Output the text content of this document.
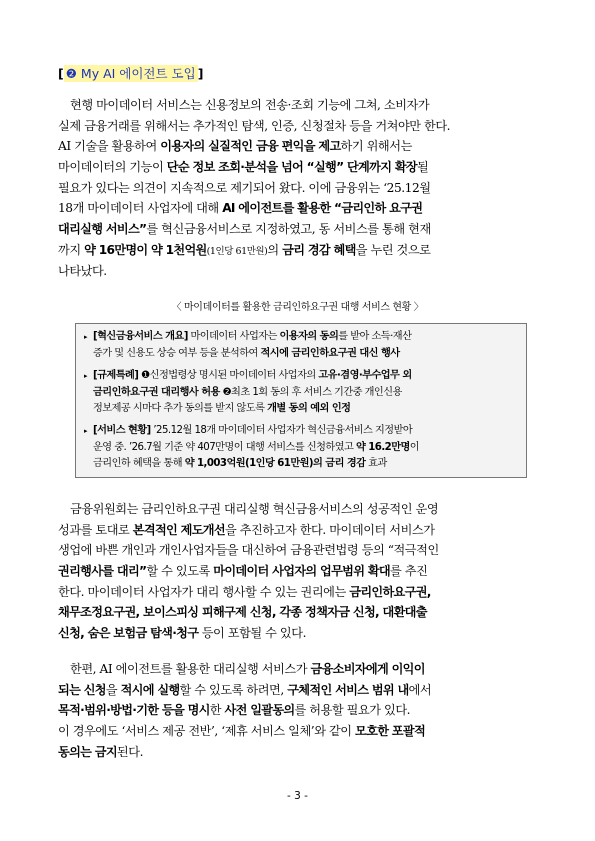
[ ❷ My AI 에이전트 도입 ]
현행 마이데이터 서비스는 신용정보의 전송·조회 기능에 그쳐, 소비자가
실제 금융거래를 위해서는 추가적인 탐색, 인증, 신청절차 등을 거쳐야만 한다.
AI 기술을 활용하여 이용자의 실질적인 금융 편익을 제고하기 위해서는
마이데이터의 기능이 단순 정보 조회·분석을 넘어 “실행” 단계까지 확장될
필요가 있다는 의견이 지속적으로 제기되어 왔다. 이에 금융위는 ‘25.12월
18개 마이데이터 사업자에 대해 AI 에이전트를 활용한 “금리인하 요구권
대리실행 서비스”를 혁신금융서비스로 지정하였고, 동 서비스를 통해 현재
까지 약 16만명이 약 1천억원(1인당 61만원)의 금리 경감 혜택을 누린 것으로
나타났다.
〈 마이데이터를 활용한 금리인하요구권 대행 서비스 현황 〉
▸ [혁신금융서비스 개요] 마이데이터 사업자는 이용자의 동의를 받아 소득·재산
증가 및 신용도 상승 여부 등을 분석하여 적시에 금리인하요구권 대신 행사
▸ [규제특례] ❶신정법령상 명시된 마이데이터 사업자의 고유·겸영·부수업무 외
금리인하요구권 대리행사 허용 ❷최초 1회 동의 후 서비스 기간중 개인신용
정보제공 시마다 추가 동의를 받지 않도록 개별 동의 예외 인정
▸ [서비스 현황] ’25.12월 18개 마이데이터 사업자가 혁신금융서비스 지정받아
운영 중. ’26.7월 기준 약 407만명이 대행 서비스를 신청하였고 약 16.2만명이
금리인하 혜택을 통해 약 1,003억원(1인당 61만원)의 금리 경감 효과
금융위원회는 금리인하요구권 대리실행 혁신금융서비스의 성공적인 운영
성과를 토대로 본격적인 제도개선을 추진하고자 한다. 마이데이터 서비스가
생업에 바쁜 개인과 개인사업자들을 대신하여 금융관련법령 등의 “적극적인
권리행사를 대리”할 수 있도록 마이데이터 사업자의 업무범위 확대를 추진
한다. 마이데이터 사업자가 대리 행사할 수 있는 권리에는 금리인하요구권,
채무조정요구권, 보이스피싱 피해구제 신청, 각종 정책자금 신청, 대환대출
신청, 숨은 보험금 탐색·청구 등이 포함될 수 있다.
한편, AI 에이전트를 활용한 대리실행 서비스가 금융소비자에게 이익이
되는 신청을 적시에 실행할 수 있도록 하려면, 구체적인 서비스 범위 내에서
목적·범위·방법·기한 등을 명시한 사전 일괄동의를 허용할 필요가 있다.
이 경우에도 ‘서비스 제공 전반’, ‘제휴 서비스 일체’와 같이 모호한 포괄적
동의는 금지된다.
- 3 -
